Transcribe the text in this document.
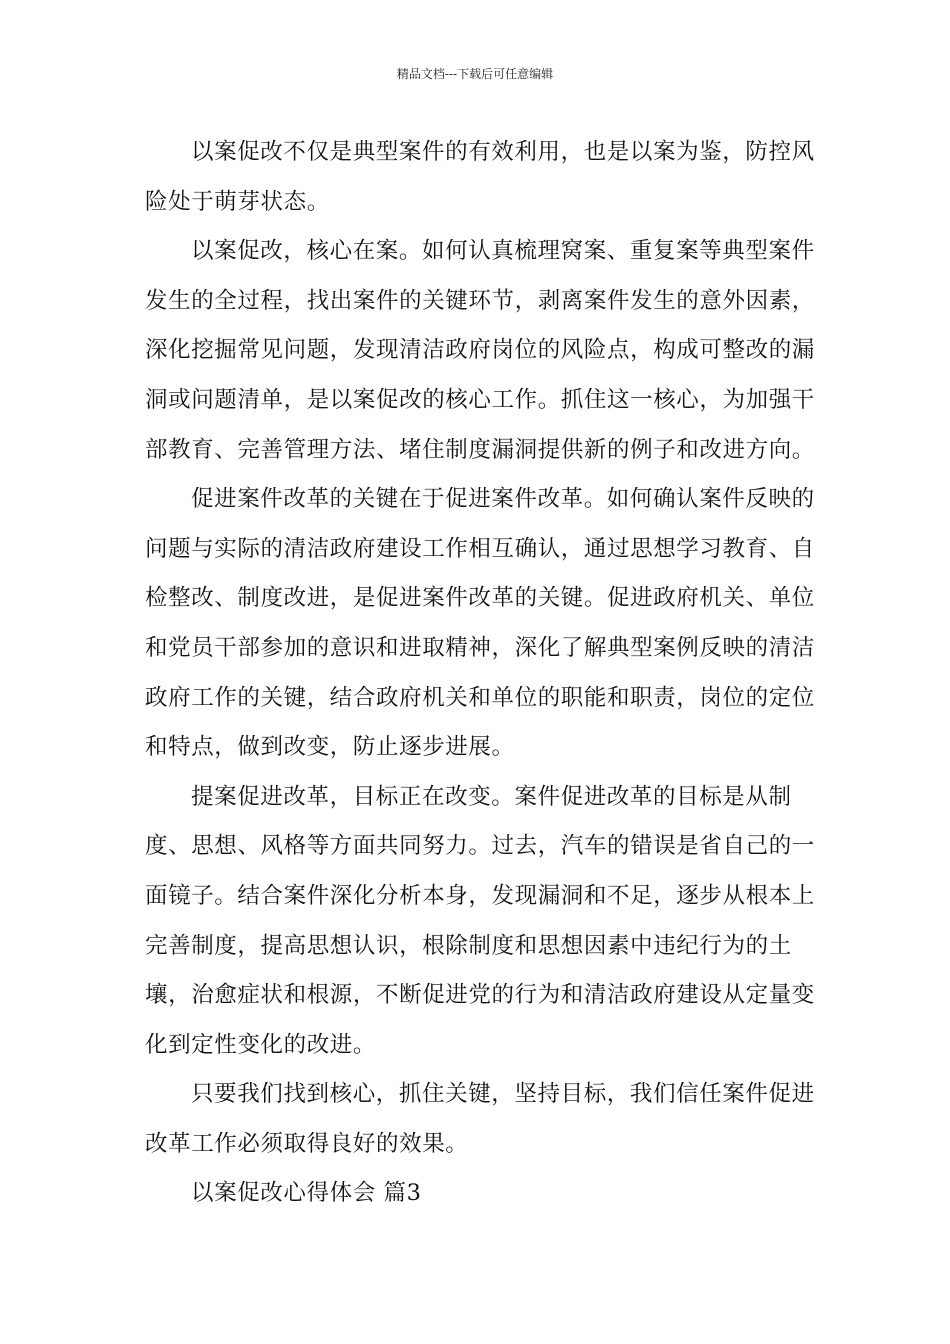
精品文档---下载后可任意编辑

以案促改不仅是典型案件的有效利用，也是以案为鉴，防控风险处于萌芽状态。

以案促改，核心在案。如何认真梳理窝案、重复案等典型案件发生的全过程，找出案件的关键环节，剥离案件发生的意外因素，深化挖掘常见问题，发现清洁政府岗位的风险点，构成可整改的漏洞或问题清单，是以案促改的核心工作。抓住这一核心，为加强干部教育、完善管理方法、堵住制度漏洞提供新的例子和改进方向。

促进案件改革的关键在于促进案件改革。如何确认案件反映的问题与实际的清洁政府建设工作相互确认，通过思想学习教育、自检整改、制度改进，是促进案件改革的关键。促进政府机关、单位和党员干部参加的意识和进取精神，深化了解典型案例反映的清洁政府工作的关键，结合政府机关和单位的职能和职责，岗位的定位和特点，做到改变，防止逐步进展。

提案促进改革，目标正在改变。案件促进改革的目标是从制度、思想、风格等方面共同努力。过去，汽车的错误是省自己的一面镜子。结合案件深化分析本身，发现漏洞和不足，逐步从根本上完善制度，提高思想认识，根除制度和思想因素中违纪行为的土壤，治愈症状和根源，不断促进党的行为和清洁政府建设从定量变化到定性变化的改进。

只要我们找到核心，抓住关键，坚持目标，我们信任案件促进改革工作必须取得良好的效果。

以案促改心得体会 篇3
